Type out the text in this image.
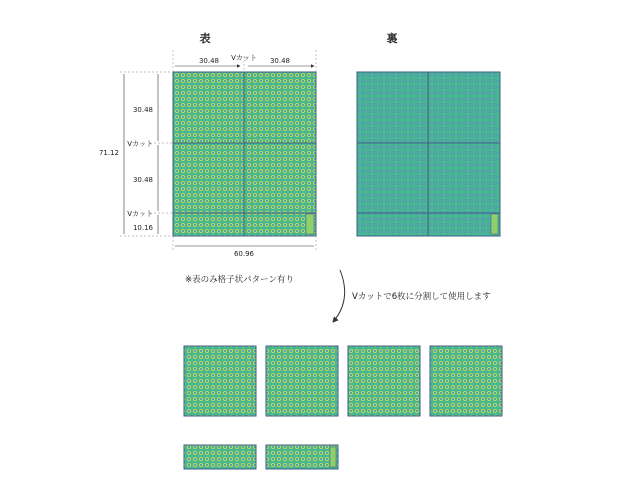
表	裏
30.48 Vカット 30.48
30.48
Vカット
30.48
Vカット
10.16
71.12
60.96
※表のみ格子状パターン有り
Vカットで6枚に分割して使用します
